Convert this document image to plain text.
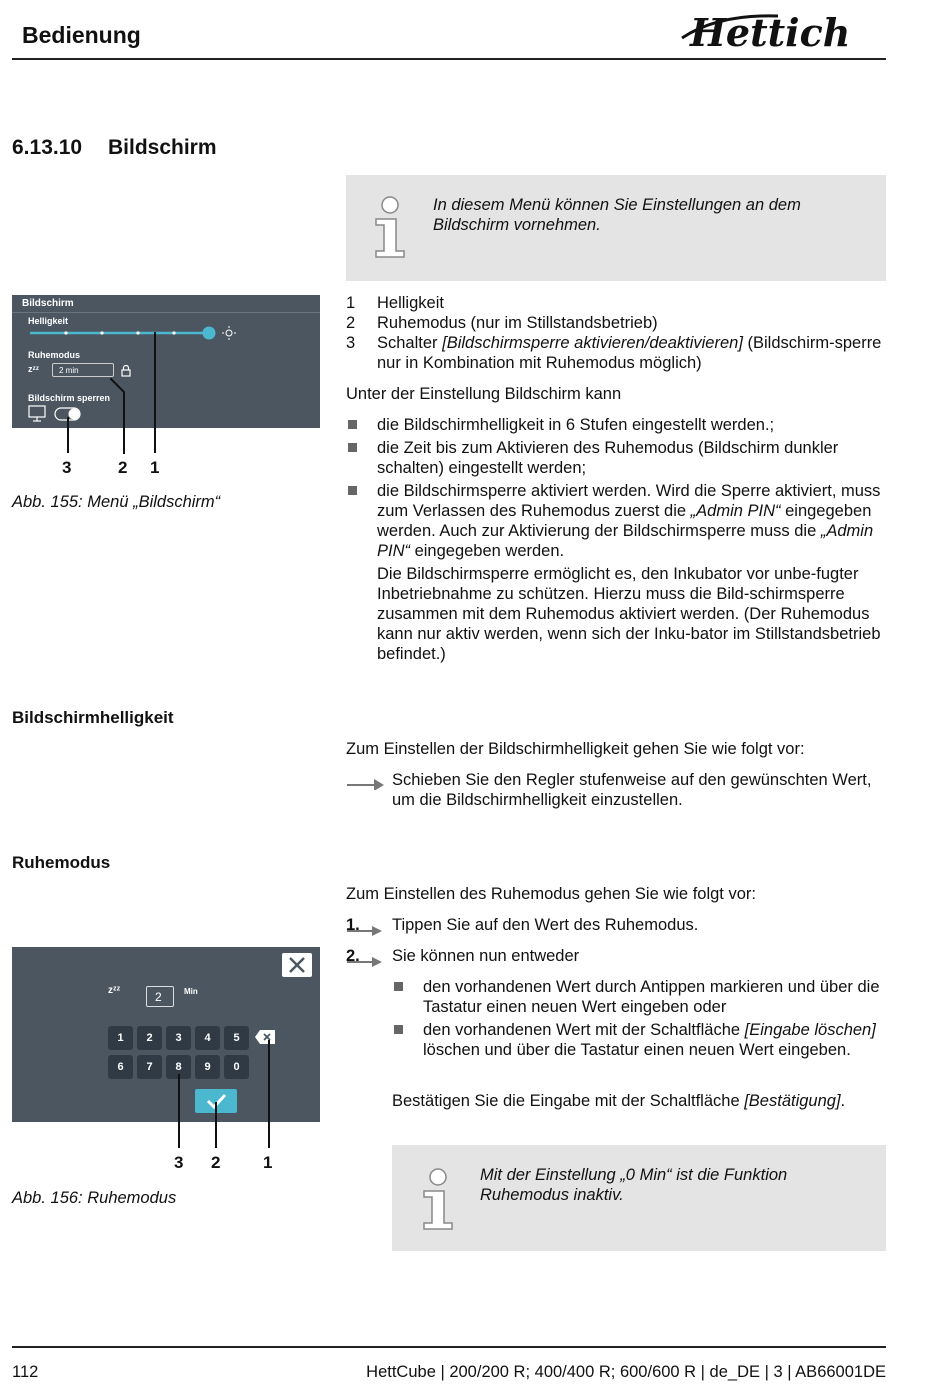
Bedienung	Hettich
6.13.10 Bildschirm
In diesem Menü können Sie Einstellungen an dem Bildschirm vornehmen.
Bildschirm
Helligkeit
Ruhemodus
zᶻᶻ	2 min
Bildschirm sperren
3	2 1
Abb. 155: Menü „Bildschirm“
1	Helligkeit
2	Ruhemodus (nur im Stillstandsbetrieb)
3	Schalter [Bildschirmsperre aktivieren/deaktivieren] (Bildschirm-sperre nur in Kombination mit Ruhemodus möglich)
Unter der Einstellung Bildschirm kann
die Bildschirmhelligkeit in 6 Stufen eingestellt werden.;
die Zeit bis zum Aktivieren des Ruhemodus (Bildschirm dunkler schalten) eingestellt werden;
die Bildschirmsperre aktiviert werden. Wird die Sperre aktiviert, muss zum Verlassen des Ruhemodus zuerst die „Admin PIN“ eingegeben werden. Auch zur Aktivierung der Bildschirmsperre muss die „Admin PIN“ eingegeben werden.
Die Bildschirmsperre ermöglicht es, den Inkubator vor unbe-fugter Inbetriebnahme zu schützen. Hierzu muss die Bild-schirmsperre zusammen mit dem Ruhemodus aktiviert werden. (Der Ruhemodus kann nur aktiv werden, wenn sich der Inku-bator im Stillstandsbetrieb befindet.)
Bildschirmhelligkeit
Zum Einstellen der Bildschirmhelligkeit gehen Sie wie folgt vor:
Schieben Sie den Regler stufenweise auf den gewünschten Wert, um die Bildschirmhelligkeit einzustellen.
Ruhemodus
Zum Einstellen des Ruhemodus gehen Sie wie folgt vor:
1.	Tippen Sie auf den Wert des Ruhemodus.
2.	Sie können nun entweder
den vorhandenen Wert durch Antippen markieren und über die Tastatur einen neuen Wert eingeben oder
den vorhandenen Wert mit der Schaltfläche [Eingabe löschen] löschen und über die Tastatur einen neuen Wert eingeben.
Bestätigen Sie die Eingabe mit der Schaltfläche [Bestätigung].
zᶻᶻ	2	Min
1	2	3	4	5
6	7	8	9	0
3 2	1
Abb. 156: Ruhemodus
Mit der Einstellung „0 Min“ ist die Funktion Ruhemodus inaktiv.
112	HettCube | 200/200 R; 400/400 R; 600/600 R | de_DE | 3 | AB66001DE
